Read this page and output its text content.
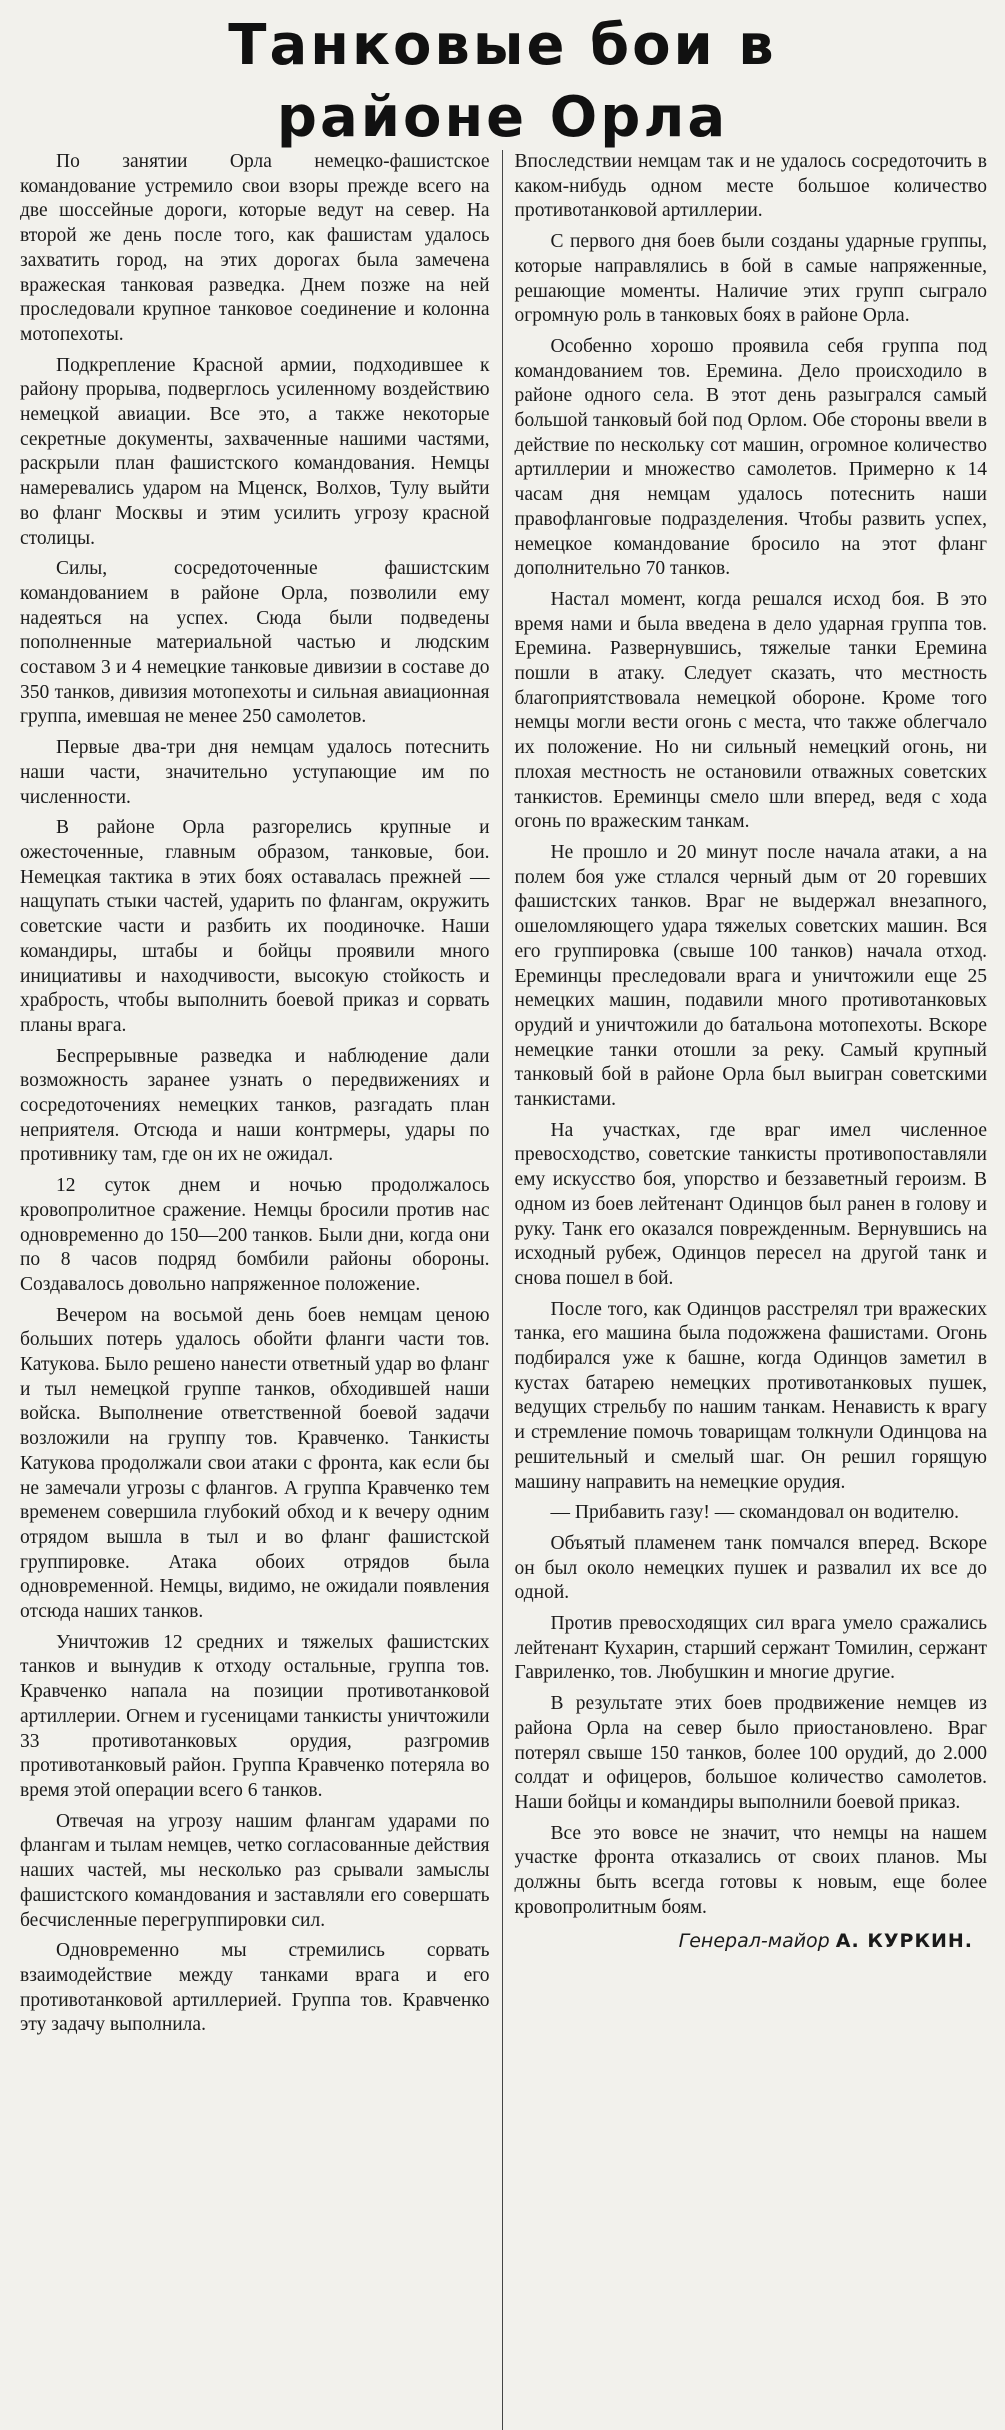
Танковые бои в
районе Орла

По занятии Орла немецко-фашистское командование устремило свои взоры прежде всего на две шоссейные дороги, которые ведут на север. На второй же день после того, как фашистам удалось захватить город, на этих дорогах была замечена вражеская танковая разведка. Днем позже на ней проследовали крупное танковое соединение и колонна мотопехоты.

Подкрепление Красной армии, подходившее к району прорыва, подверглось усиленному воздействию немецкой авиации. Все это, а также некоторые секретные документы, захваченные нашими частями, раскрыли план фашистского командования. Немцы намеревались ударом на Мценск, Волхов, Тулу выйти во фланг Москвы и этим усилить угрозу красной столицы.

Силы, сосредоточенные фашистским командованием в районе Орла, позволили ему надеяться на успех. Сюда были подведены пополненные материальной частью и людским составом 3 и 4 немецкие танковые дивизии в составе до 350 танков, дивизия мотопехоты и сильная авиационная группа, имевшая не менее 250 самолетов.

Первые два-три дня немцам удалось потеснить наши части, значительно уступающие им по численности.

В районе Орла разгорелись крупные и ожесточенные, главным образом, танковые, бои. Немецкая тактика в этих боях оставалась прежней — нащупать стыки частей, ударить по флангам, окружить советские части и разбить их поодиночке. Наши командиры, штабы и бойцы проявили много инициативы и находчивости, высокую стойкость и храбрость, чтобы выполнить боевой приказ и сорвать планы врага.

Беспрерывные разведка и наблюдение дали возможность заранее узнать о передвижениях и сосредоточениях немецких танков, разгадать план неприятеля. Отсюда и наши контрмеры, удары по противнику там, где он их не ожидал.

12 суток днем и ночью продолжалось кровопролитное сражение. Немцы бросили против нас одновременно до 150—200 танков. Были дни, когда они по 8 часов подряд бомбили районы обороны. Создавалось довольно напряженное положение.

Вечером на восьмой день боев немцам ценою больших потерь удалось обойти фланги части тов. Катукова. Было решено нанести ответный удар во фланг и тыл немецкой группе танков, обходившей наши войска. Выполнение ответственной боевой задачи возложили на группу тов. Кравченко. Танкисты Катукова продолжали свои атаки с фронта, как если бы не замечали угрозы с флангов. А группа Кравченко тем временем совершила глубокий обход и к вечеру одним отрядом вышла в тыл и во фланг фашистской группировке. Атака обоих отрядов была одновременной. Немцы, видимо, не ожидали появления отсюда наших танков.

Уничтожив 12 средних и тяжелых фашистских танков и вынудив к отходу остальные, группа тов. Кравченко напала на позиции противотанковой артиллерии. Огнем и гусеницами танкисты уничтожили 33 противотанковых орудия, разгромив противотанковый район. Группа Кравченко потеряла во время этой операции всего 6 танков.

Отвечая на угрозу нашим флангам ударами по флангам и тылам немцев, четко согласованные действия наших частей, мы несколько раз срывали замыслы фашистского командования и заставляли его совершать бесчисленные перегруппировки сил.

Одновременно мы стремились сорвать взаимодействие между танками врага и его противотанковой артиллерией. Группа тов. Кравченко эту задачу выполнила.

Впоследствии немцам так и не удалось сосредоточить в каком-нибудь одном месте большое количество противотанковой артиллерии.

С первого дня боев были созданы ударные группы, которые направлялись в бой в самые напряженные, решающие моменты. Наличие этих групп сыграло огромную роль в танковых боях в районе Орла.

Особенно хорошо проявила себя группа под командованием тов. Еремина. Дело происходило в районе одного села. В этот день разыгрался самый большой танковый бой под Орлом. Обе стороны ввели в действие по нескольку сот машин, огромное количество артиллерии и множество самолетов. Примерно к 14 часам дня немцам удалось потеснить наши правофланговые подразделения. Чтобы развить успех, немецкое командование бросило на этот фланг дополнительно 70 танков.

Настал момент, когда решался исход боя. В это время нами и была введена в дело ударная группа тов. Еремина. Развернувшись, тяжелые танки Еремина пошли в атаку. Следует сказать, что местность благоприятствовала немецкой обороне. Кроме того немцы могли вести огонь с места, что также облегчало их положение. Но ни сильный немецкий огонь, ни плохая местность не остановили отважных советских танкистов. Ереминцы смело шли вперед, ведя с хода огонь по вражеским танкам.

Не прошло и 20 минут после начала атаки, а на полем боя уже стлался черный дым от 20 горевших фашистских танков. Враг не выдержал внезапного, ошеломляющего удара тяжелых советских машин. Вся его группировка (свыше 100 танков) начала отход. Ереминцы преследовали врага и уничтожили еще 25 немецких машин, подавили много противотанковых орудий и уничтожили до батальона мотопехоты. Вскоре немецкие танки отошли за реку. Самый крупный танковый бой в районе Орла был выигран советскими танкистами.

На участках, где враг имел численное превосходство, советские танкисты противопоставляли ему искусство боя, упорство и беззаветный героизм. В одном из боев лейтенант Одинцов был ранен в голову и руку. Танк его оказался поврежденным. Вернувшись на исходный рубеж, Одинцов пересел на другой танк и снова пошел в бой.

После того, как Одинцов расстрелял три вражеских танка, его машина была подожжена фашистами. Огонь подбирался уже к башне, когда Одинцов заметил в кустах батарею немецких противотанковых пушек, ведущих стрельбу по нашим танкам. Ненависть к врагу и стремление помочь товарищам толкнули Одинцова на решительный и смелый шаг. Он решил горящую машину направить на немецкие орудия.

— Прибавить газу! — скомандовал он водителю.

Объятый пламенем танк помчался вперед. Вскоре он был около немецких пушек и развалил их все до одной.

Против превосходящих сил врага умело сражались лейтенант Кухарин, старший сержант Томилин, сержант Гавриленко, тов. Любушкин и многие другие.

В результате этих боев продвижение немцев из района Орла на север было приостановлено. Враг потерял свыше 150 танков, более 100 орудий, до 2.000 солдат и офицеров, большое количество самолетов. Наши бойцы и командиры выполнили боевой приказ.

Все это вовсе не значит, что немцы на нашем участке фронта отказались от своих планов. Мы должны быть всегда готовы к новым, еще более кровопролитным боям.

Генерал-майор А. КУРКИН.
